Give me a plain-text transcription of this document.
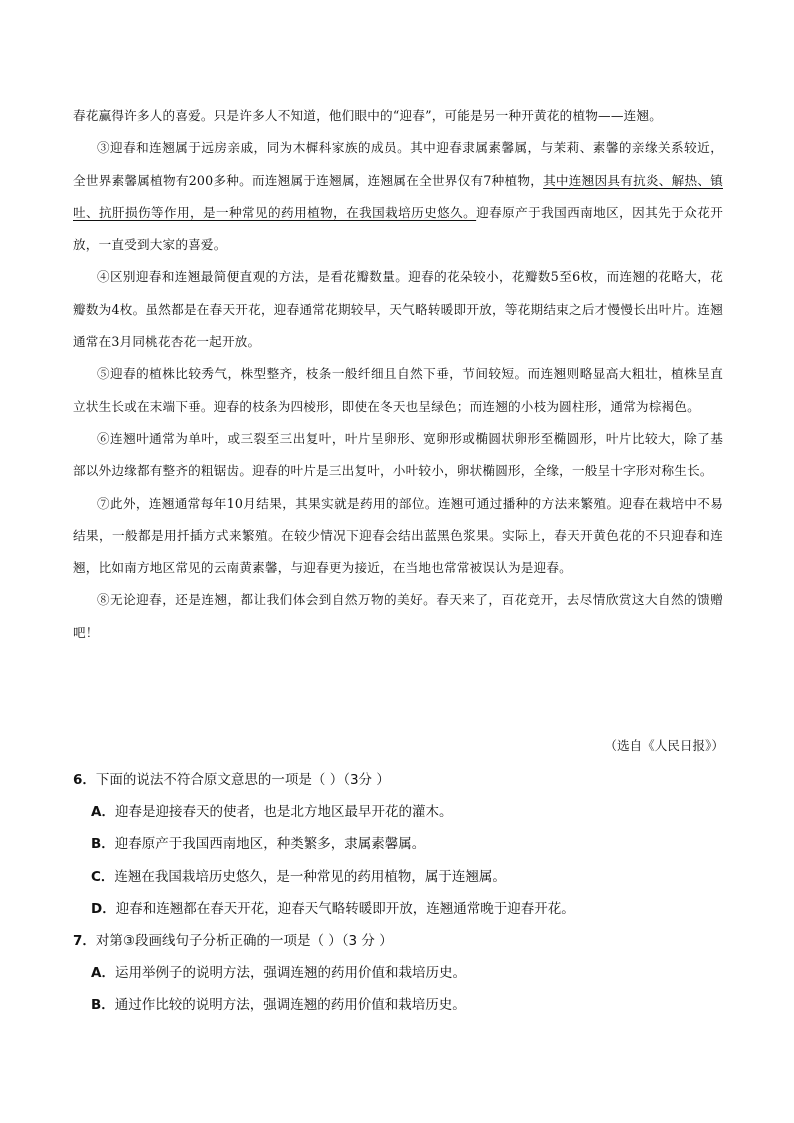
春花赢得许多人的喜爱。只是许多人不知道，他们眼中的“迎春”，可能是另一种开黄花的植物——连翘。

③迎春和连翘属于远房亲戚，同为木樨科家族的成员。其中迎春隶属素馨属，与茉莉、素馨的亲缘关系较近，全世界素馨属植物有200多种。而连翘属于连翘属，连翘属在全世界仅有7种植物，其中连翘因具有抗炎、解热、镇吐、抗肝损伤等作用，是一种常见的药用植物，在我国栽培历史悠久。迎春原产于我国西南地区，因其先于众花开放，一直受到大家的喜爱。

④区别迎春和连翘最简便直观的方法，是看花瓣数量。迎春的花朵较小，花瓣数5至6枚，而连翘的花略大，花瓣数为4枚。虽然都是在春天开花，迎春通常花期较早，天气略转暖即开放，等花期结束之后才慢慢长出叶片。连翘通常在3月同桃花杏花一起开放。

⑤迎春的植株比较秀气，株型整齐，枝条一般纤细且自然下垂，节间较短。而连翘则略显高大粗壮，植株呈直立状生长或在末端下垂。迎春的枝条为四棱形，即使在冬天也呈绿色；而连翘的小枝为圆柱形，通常为棕褐色。

⑥连翘叶通常为单叶，或三裂至三出复叶，叶片呈卵形、宽卵形或椭圆状卵形至椭圆形，叶片比较大，除了基部以外边缘都有整齐的粗锯齿。迎春的叶片是三出复叶，小叶较小，卵状椭圆形，全缘，一般呈十字形对称生长。

⑦此外，连翘通常每年10月结果，其果实就是药用的部位。连翘可通过播种的方法来繁殖。迎春在栽培中不易结果，一般都是用扦插方式来繁殖。在较少情况下迎春会结出蓝黑色浆果。实际上，春天开黄色花的不只迎春和连翘，比如南方地区常见的云南黄素馨，与迎春更为接近，在当地也常常被误认为是迎春。

⑧无论迎春，还是连翘，都让我们体会到自然万物的美好。春天来了，百花竞开，去尽情欣赏这大自然的馈赠吧！

（选自《人民日报》）

6．下面的说法不符合原文意思的一项是（ ）（3分 ）

A．迎春是迎接春天的使者，也是北方地区最早开花的灌木。

B．迎春原产于我国西南地区，种类繁多，隶属素馨属。

C．连翘在我国栽培历史悠久，是一种常见的药用植物，属于连翘属。

D．迎春和连翘都在春天开花，迎春天气略转暖即开放，连翘通常晚于迎春开花。

7．对第③段画线句子分析正确的一项是（ ）（3 分 ）

A．运用举例子的说明方法，强调连翘的药用价值和栽培历史。

B．通过作比较的说明方法，强调连翘的药用价值和栽培历史。
